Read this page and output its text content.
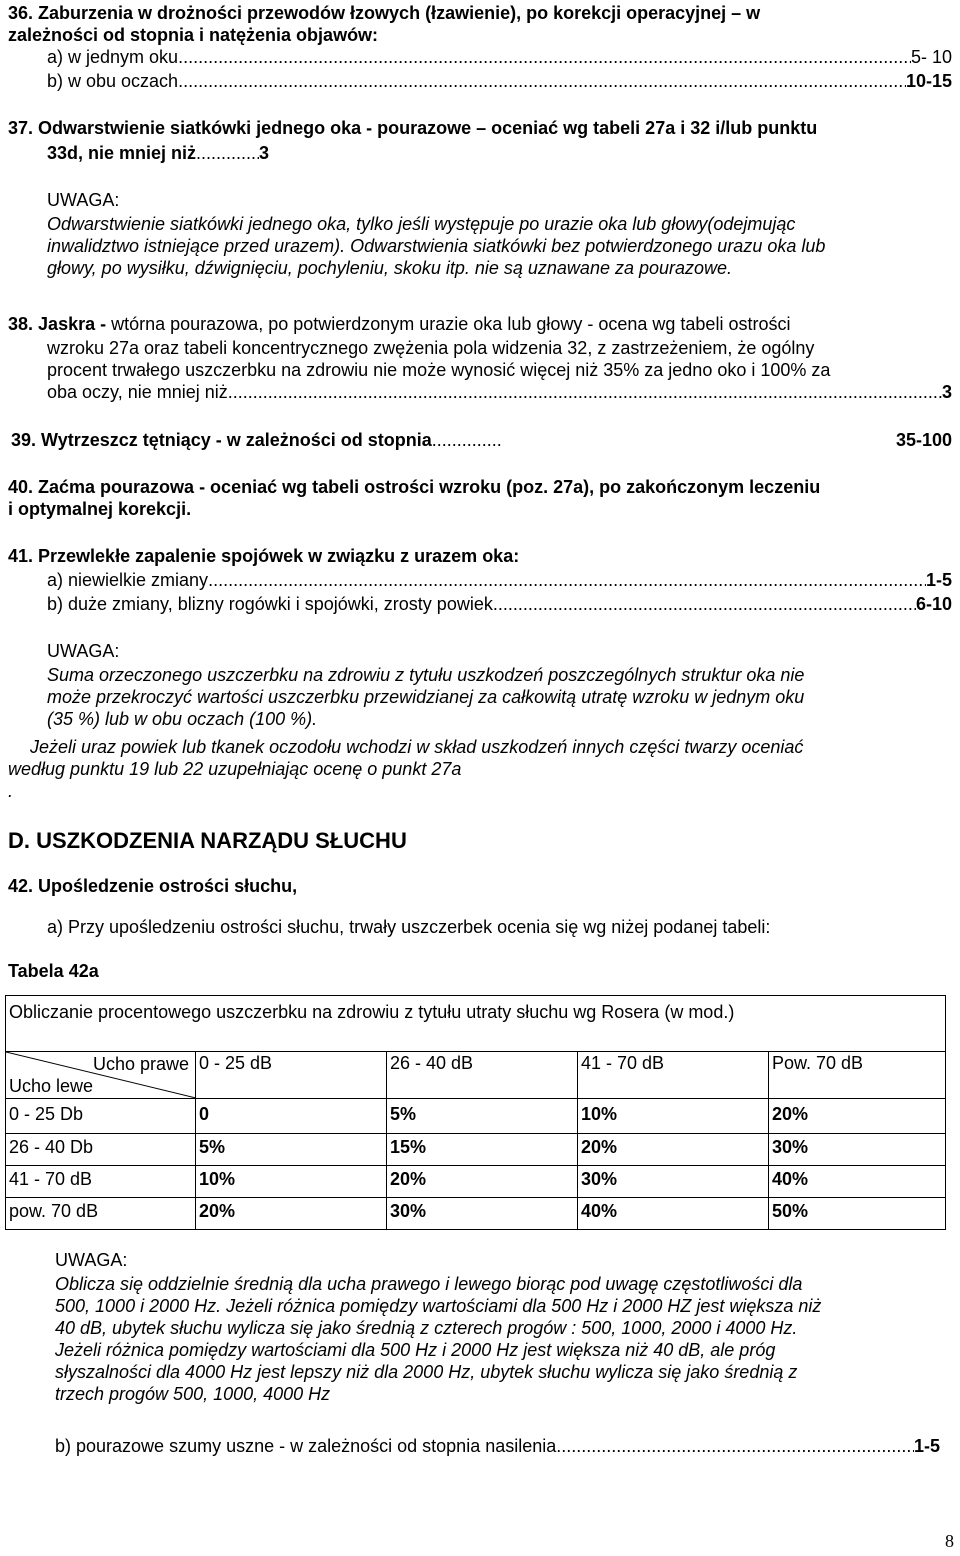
36. Zaburzenia w drożności przewodów łzowych (łzawienie), po korekcji operacyjnej – w
zależności od stopnia i natężenia objawów:
a) w jednym oku .....	5- 10
b) w obu oczach .....	10-15
37. Odwarstwienie siatkówki jednego oka - pourazowe – oceniać wg tabeli 27a i 32 i/lub punktu
33d, nie mniej niż .....	3
UWAGA:
Odwarstwienie siatkówki jednego oka, tylko jeśli występuje po urazie oka lub głowy(odejmując
inwalidztwo istniejące przed urazem). Odwarstwienia siatkówki bez potwierdzonego urazu oka lub
głowy, po wysiłku, dźwignięciu, pochyleniu, skoku itp. nie są uznawane za pourazowe.
38. Jaskra - wtórna pourazowa, po potwierdzonym urazie oka lub głowy - ocena wg tabeli ostrości
wzroku 27a oraz tabeli koncentrycznego zwężenia pola widzenia 32, z zastrzeżeniem, że ogólny
procent trwałego uszczerbku na zdrowiu nie może wynosić więcej niż 35% za jedno oko i 100% za
oba oczy, nie mniej niż .....	3
39. Wytrzeszcz tętniący - w zależności od stopnia .....	35-100
40. Zaćma pourazowa - oceniać wg tabeli ostrości wzroku (poz. 27a), po zakończonym leczeniu
i optymalnej korekcji.
41. Przewlekłe zapalenie spojówek w związku z urazem oka:
a) niewielkie zmiany .....	1-5
b) duże zmiany, blizny rogówki i spojówki, zrosty powiek .....	6-10
UWAGA:
Suma orzeczonego uszczerbku na zdrowiu z tytułu uszkodzeń poszczególnych struktur oka nie
może przekroczyć wartości uszczerbku przewidzianej za całkowitą utratę wzroku w jednym oku
(35 %) lub w obu oczach (100 %).
Jeżeli uraz powiek lub tkanek oczodołu wchodzi w skład uszkodzeń innych części twarzy oceniać
według punktu 19 lub 22 uzupełniając ocenę o punkt 27a
.
D. USZKODZENIA NARZĄDU SŁUCHU
42. Upośledzenie ostrości słuchu,
a) Przy upośledzeniu ostrości słuchu, trwały uszczerbek ocenia się wg niżej podanej tabeli:
Tabela 42a
Obliczanie procentowego uszczerbku na zdrowiu z tytułu utraty słuchu wg Rosera (w mod.)				

Ucho prawe
Ucho lewe	0 - 25 dB	26 - 40 dB	41 - 70 dB	Pow. 70 dB
0 - 25 Db	0	5%	10%	20%
26 - 40 Db	5%	15%	20%	30%
41 - 70 dB	10%	20%	30%	40%
pow. 70 dB	20%	30%	40%	50%
UWAGA:
Oblicza się oddzielnie średnią dla ucha prawego i lewego biorąc pod uwagę częstotliwości dla
500, 1000 i 2000 Hz. Jeżeli różnica pomiędzy wartościami dla 500 Hz i 2000 HZ jest większa niż
40 dB, ubytek słuchu wylicza się jako średnią z czterech progów : 500, 1000, 2000 i 4000 Hz.
Jeżeli różnica pomiędzy wartościami dla 500 Hz i 2000 Hz jest większa niż 40 dB, ale próg
słyszalności dla 4000 Hz jest lepszy niż dla 2000 Hz, ubytek słuchu wylicza się jako średnią z
trzech progów 500, 1000, 4000 Hz
b) pourazowe szumy uszne - w zależności od stopnia nasilenia .....	1-5
8
